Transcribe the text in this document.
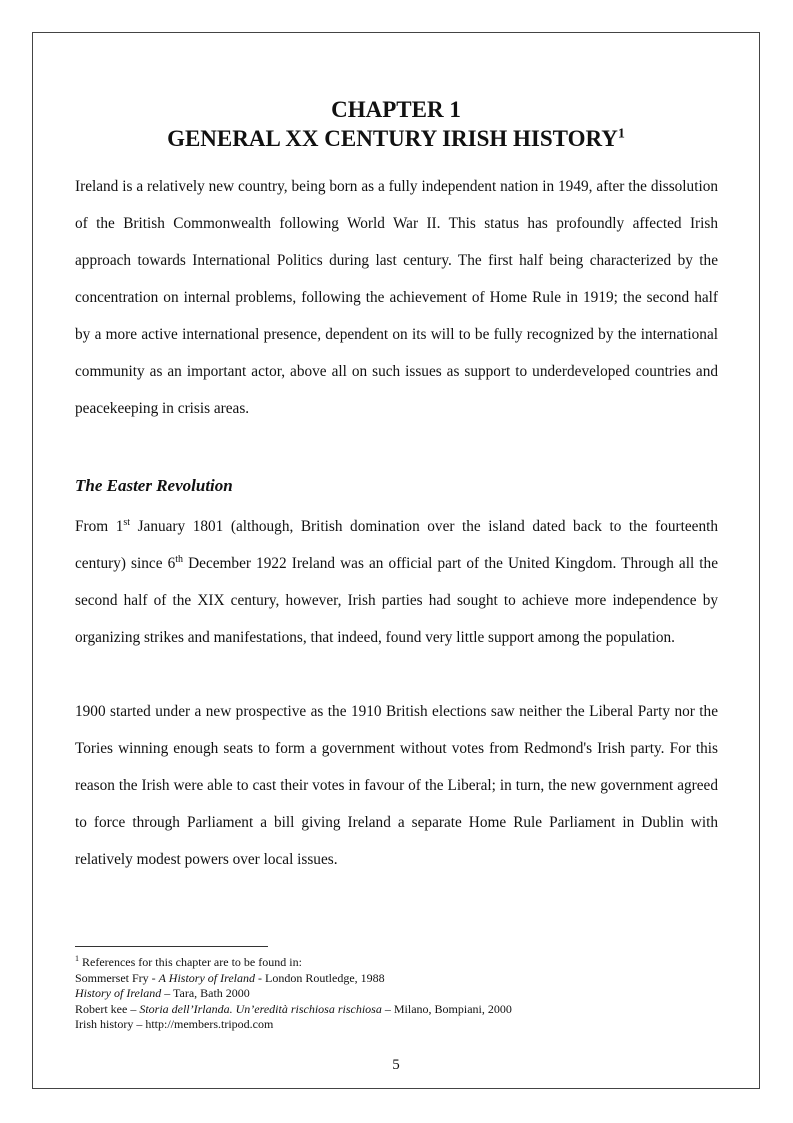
CHAPTER 1
GENERAL XX CENTURY IRISH HISTORY$^1$

Ireland is a relatively new country, being born as a fully independent nation in 1949, after the dissolution of the British Commonwealth following World War II. This status has profoundly affected Irish approach towards International Politics during last century. The first half being characterized by the concentration on internal problems, following the achievement of Home Rule in 1919; the second half by a more active international presence, dependent on its will to be fully recognized by the international community as an important actor, above all on such issues as support to underdeveloped countries and peacekeeping in crisis areas.

The Easter Revolution

From 1st January 1801 (although, British domination over the island dated back to the fourteenth century) since 6th December 1922 Ireland was an official part of the United Kingdom. Through all the second half of the XIX century, however, Irish parties had sought to achieve more independence by organizing strikes and manifestations, that indeed, found very little support among the population.

1900 started under a new prospective as the 1910 British elections saw neither the Liberal Party nor the Tories winning enough seats to form a government without votes from Redmond's Irish party. For this reason the Irish were able to cast their votes in favour of the Liberal; in turn, the new government agreed to force through Parliament a bill giving Ireland a separate Home Rule Parliament in Dublin with relatively modest powers over local issues.

$^1$ References for this chapter are to be found in:
Sommerset Fry - A History of Ireland - London Routledge, 1988
History of Ireland – Tara, Bath 2000
Robert kee – Storia dell’Irlanda. Un’eredità rischiosa rischiosa – Milano, Bompiani, 2000
Irish history – http://members.tripod.com
5
